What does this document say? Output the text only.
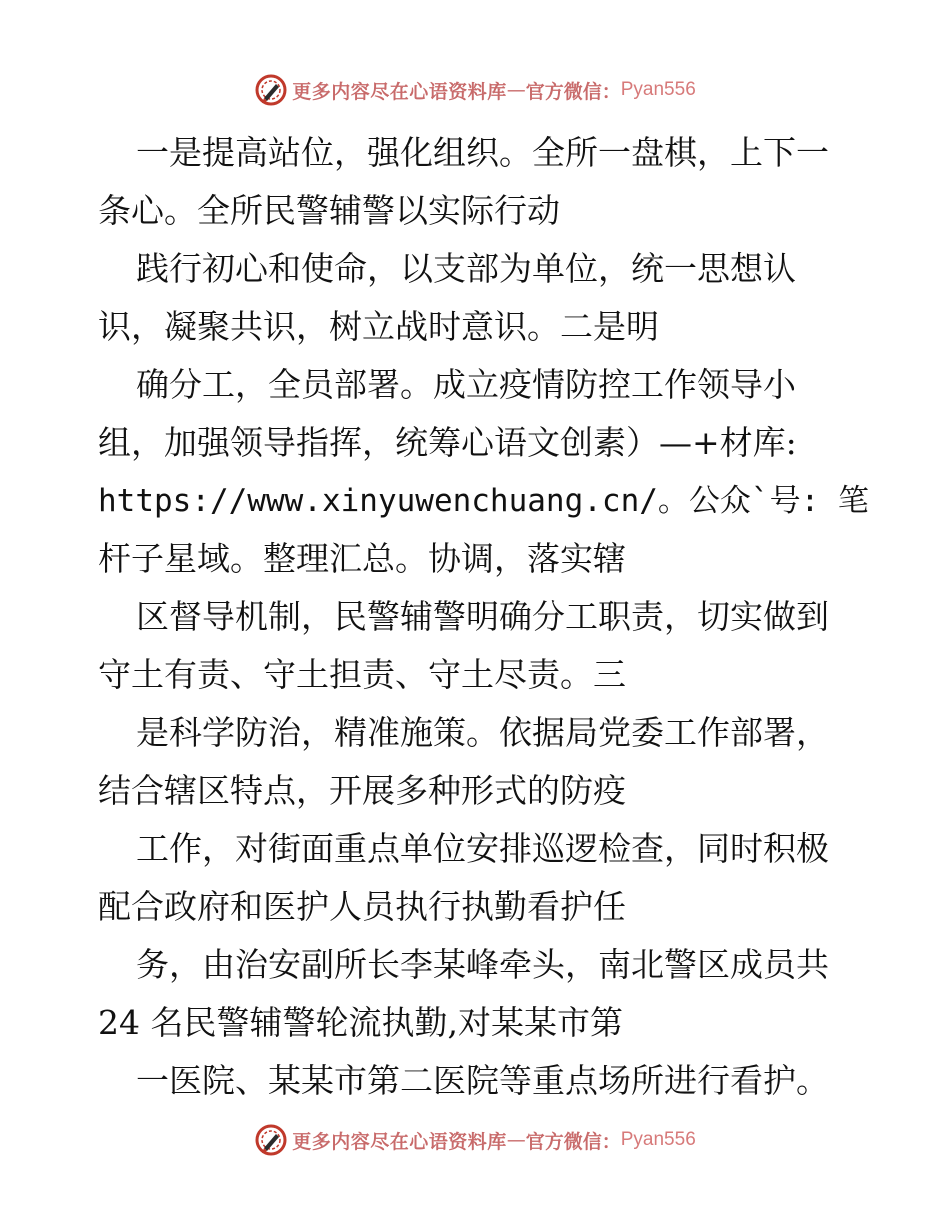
更多内容尽在心语资料库 — 官方微信： Pyan556
一是提高站位，强化组织。全所一盘棋，上下一
条心。全所民警辅警以实际行动
践行初心和使命，以支部为单位，统一思想认
识，凝聚共识，树立战时意识。二是明
确分工，全员部署。成立疫情防控工作领导小
组，加强领导指挥，统筹心语文创素）—+材库:
https://www.xinyuwenchuang.cn/。公众`号: 笔
杆子星域。整理汇总。协调，落实辖
区督导机制，民警辅警明确分工职责，切实做到
守土有责、守土担责、守土尽责。三
是科学防治，精准施策。依据局党委工作部署，
结合辖区特点，开展多种形式的防疫
工作，对街面重点单位安排巡逻检查，同时积极
配合政府和医护人员执行执勤看护任
务，由治安副所长李某峰牵头，南北警区成员共
24 名民警辅警轮流执勤,对某某市第
一医院、某某市第二医院等重点场所进行看护。
更多内容尽在心语资料库 — 官方微信： Pyan556
